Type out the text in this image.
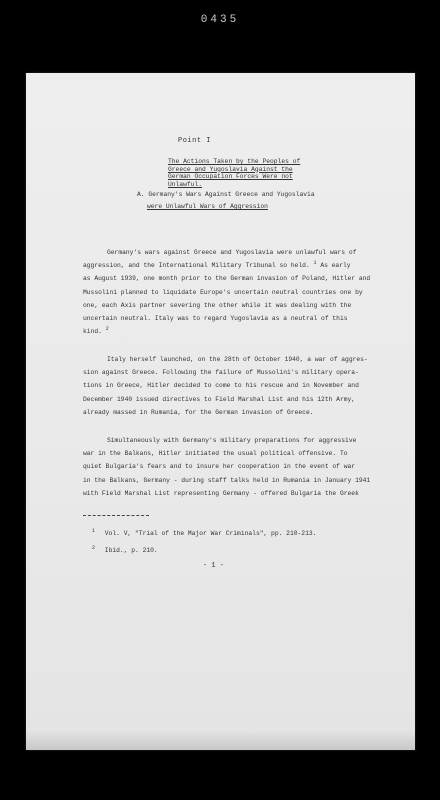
0435
Point I
The Actions Taken by the Peoples of
Greece and Yugoslavia Against the
German Occupation Forces Were not
Unlawful.
A. Germany's Wars Against Greece and Yugoslavia
were Unlawful Wars of Aggression
Germany's wars against Greece and Yugoslavia were unlawful wars of
aggression, and the International Military Tribunal so held. $^1$ As early
as August 1939, one month prior to the German invasion of Poland, Hitler and
Mussolini planned to liquidate Europe's uncertain neutral countries one by
one, each Axis partner severing the other while it was dealing with the
uncertain neutral. Italy was to regard Yugoslavia as a neutral of this
kind. $^2$
Italy herself launched, on the 28th of October 1940, a war of aggres-
sion against Greece. Following the failure of Mussolini's military opera-
tions in Greece, Hitler decided to come to his rescue and in November and
December 1940 issued directives to Field Marshal List and his 12th Army,
already massed in Rumania, for the German invasion of Greece.
Simultaneously with Germany's military preparations for aggressive
war in the Balkans, Hitler initiated the usual political offensive. To
quiet Bulgaria's fears and to insure her cooperation in the event of war
in the Balkans, Germany - during staff talks held in Rumania in January 1941
with Field Marshal List representing Germany - offered Bulgaria the Greek
$^1$ Vol. V, "Trial of the Major War Criminals", pp. 210-213.
$^2$ Ibid., p. 210.
- 1 -
